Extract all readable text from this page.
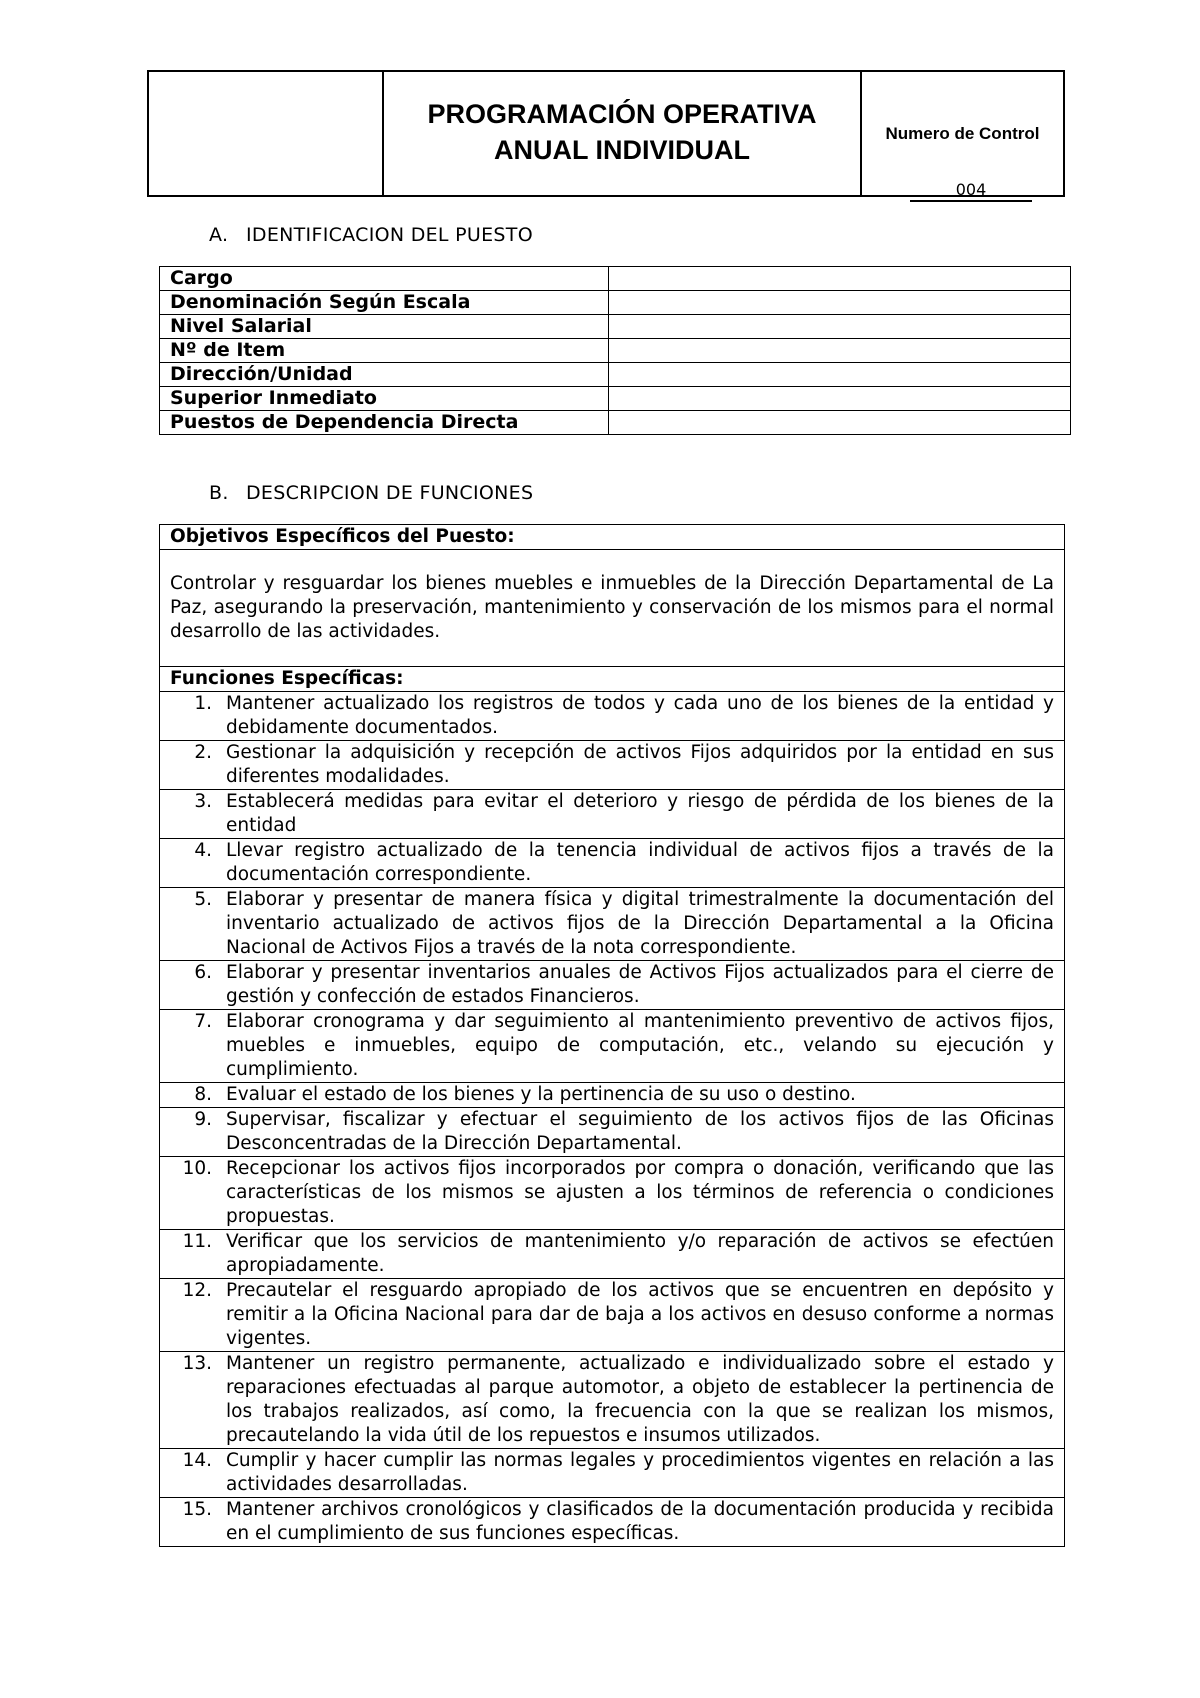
PROGRAMACIÓN OPERATIVA
ANUAL INDIVIDUAL
Numero de Control
004
A. IDENTIFICACION DEL PUESTO
Cargo	
Denominación Según Escala	
Nivel Salarial	
Nº de Item	
Dirección/Unidad	
Superior Inmediato	
Puestos de Dependencia Directa	
B. DESCRIPCION DE FUNCIONES
Objetivos Específicos del Puesto:
Controlar y resguardar los bienes muebles e inmuebles de la Dirección Departamental de La Paz, asegurando la preservación, mantenimiento y conservación de los mismos para el normal desarrollo de las actividades.
Funciones Específicas:

1. Mantener actualizado los registros de todos y cada uno de los bienes de la entidad y debidamente documentados.

2. Gestionar la adquisición y recepción de activos Fijos adquiridos por la entidad en sus diferentes modalidades.

3. Establecerá medidas para evitar el deterioro y riesgo de pérdida de los bienes de la entidad

4. Llevar registro actualizado de la tenencia individual de activos fijos a través de la documentación correspondiente.

5. Elaborar y presentar de manera física y digital trimestralmente la documentación del inventario actualizado de activos fijos de la Dirección Departamental a la Oficina Nacional de Activos Fijos a través de la nota correspondiente.

6. Elaborar y presentar inventarios anuales de Activos Fijos actualizados para el cierre de gestión y confección de estados Financieros.

7. Elaborar cronograma y dar seguimiento al mantenimiento preventivo de activos fijos, muebles e inmuebles, equipo de computación, etc., velando su ejecución y cumplimiento.

8. Evaluar el estado de los bienes y la pertinencia de su uso o destino.

9. Supervisar, fiscalizar y efectuar el seguimiento de los activos fijos de las Oficinas Desconcentradas de la Dirección Departamental.

10. Recepcionar los activos fijos incorporados por compra o donación, verificando que las características de los mismos se ajusten a los términos de referencia o condiciones propuestas.

11. Verificar que los servicios de mantenimiento y/o reparación de activos se efectúen apropiadamente.

12. Precautelar el resguardo apropiado de los activos que se encuentren en depósito y remitir a la Oficina Nacional para dar de baja a los activos en desuso conforme a normas vigentes.

13. Mantener un registro permanente, actualizado e individualizado sobre el estado y reparaciones efectuadas al parque automotor, a objeto de establecer la pertinencia de los trabajos realizados, así como, la frecuencia con la que se realizan los mismos, precautelando la vida útil de los repuestos e insumos utilizados.

14. Cumplir y hacer cumplir las normas legales y procedimientos vigentes en relación a las actividades desarrolladas.

15. Mantener archivos cronológicos y clasificados de la documentación producida y recibida en el cumplimiento de sus funciones específicas.
